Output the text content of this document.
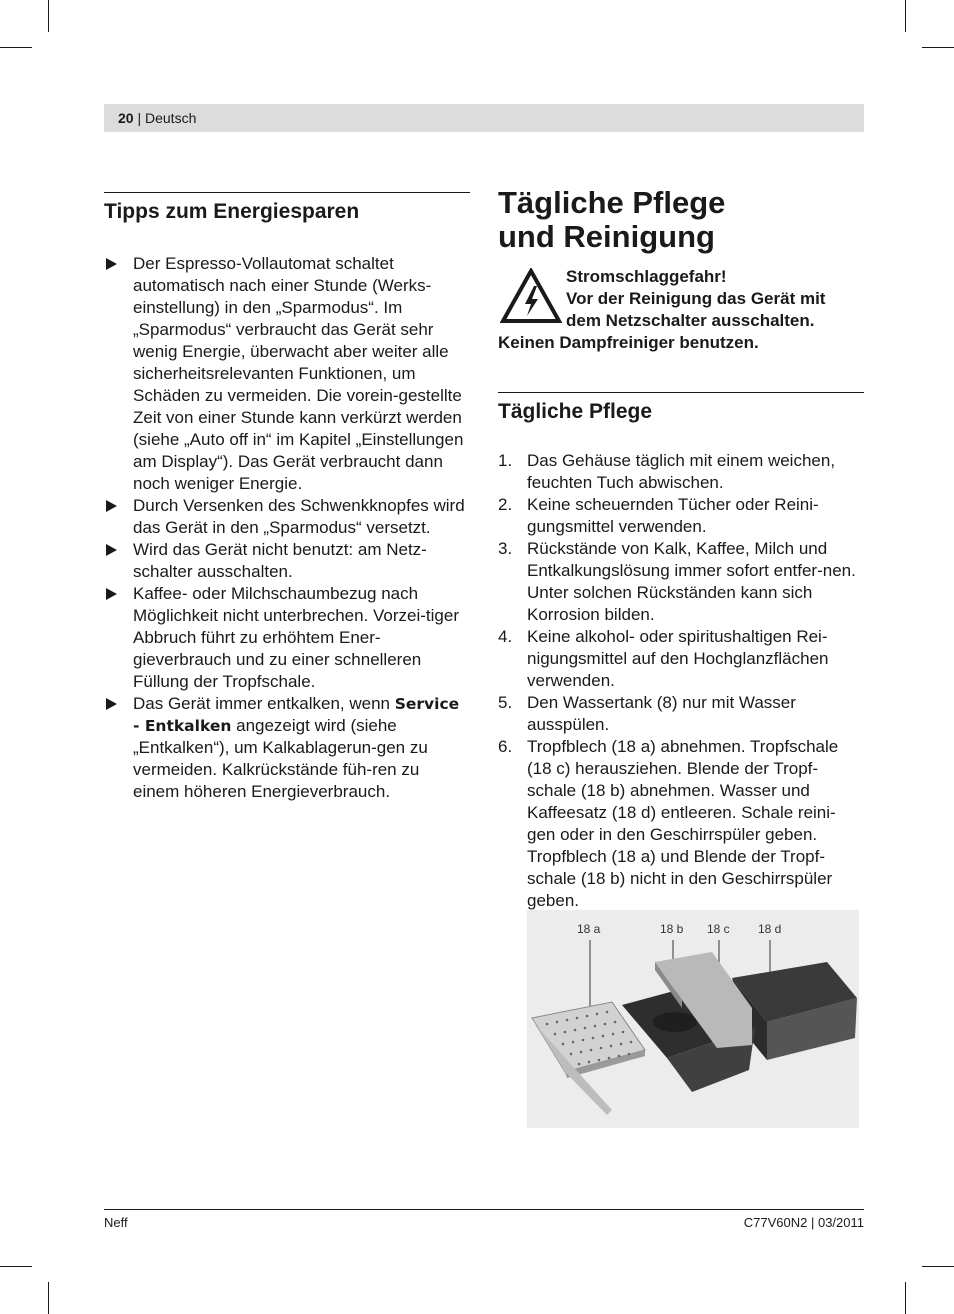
20 | Deutsch
Tipps zum Energiesparen
Der Espresso-Vollautomat schaltet automatisch nach einer Stunde (Werks-einstellung) in den „Sparmodus“. Im „Sparmodus“ verbraucht das Gerät sehr wenig Energie, überwacht aber weiter alle sicherheitsrelevanten Funktionen, um Schäden zu vermeiden. Die vorein-gestellte Zeit von einer Stunde kann verkürzt werden (siehe „Auto off in“ im Kapitel „Einstellungen am Display“). Das Gerät verbraucht dann noch weniger Energie.
Durch Versenken des Schwenkknopfes wird das Gerät in den „Sparmodus“ versetzt.
Wird das Gerät nicht benutzt: am Netz-schalter ausschalten.
Kaffee- oder Milchschaumbezug nach Möglichkeit nicht unterbrechen. Vorzei-tiger Abbruch führt zu erhöhtem Ener-gieverbrauch und zu einer schnelleren Füllung der Tropfschale.
Das Gerät immer entkalken, wenn Service - Entkalken angezeigt wird (siehe „Entkalken“), um Kalkablagerun-gen zu vermeiden. Kalkrückstände füh-ren zu einem höheren Energieverbrauch.
Tägliche Pflege
und Reinigung
Stromschlaggefahr!
Vor der Reinigung das Gerät mit
dem Netzschalter ausschalten.
Keinen Dampfreiniger benutzen.
Tägliche Pflege
1. Das Gehäuse täglich mit einem weichen, feuchten Tuch abwischen.
2. Keine scheuernden Tücher oder Reini-gungsmittel verwenden.
3. Rückstände von Kalk, Kaffee, Milch und Entkalkungslösung immer sofort entfer-nen. Unter solchen Rückständen kann sich Korrosion bilden.
4. Keine alkohol- oder spiritushaltigen Rei-nigungsmittel auf den Hochglanzflächen verwenden.
5. Den Wassertank (8) nur mit Wasser ausspülen.
6. Tropfblech (18 a) abnehmen. Tropfschale (18 c) herausziehen. Blende der Tropf-schale (18 b) abnehmen. Wasser und Kaffeesatz (18 d) entleeren. Schale reini-gen oder in den Geschirrspüler geben. Tropfblech (18 a) und Blende der Tropf-schale (18 b) nicht in den Geschirrspüler geben.
18 a	18 b 18 c 18 d
Neff	C77V60N2 | 03/2011
